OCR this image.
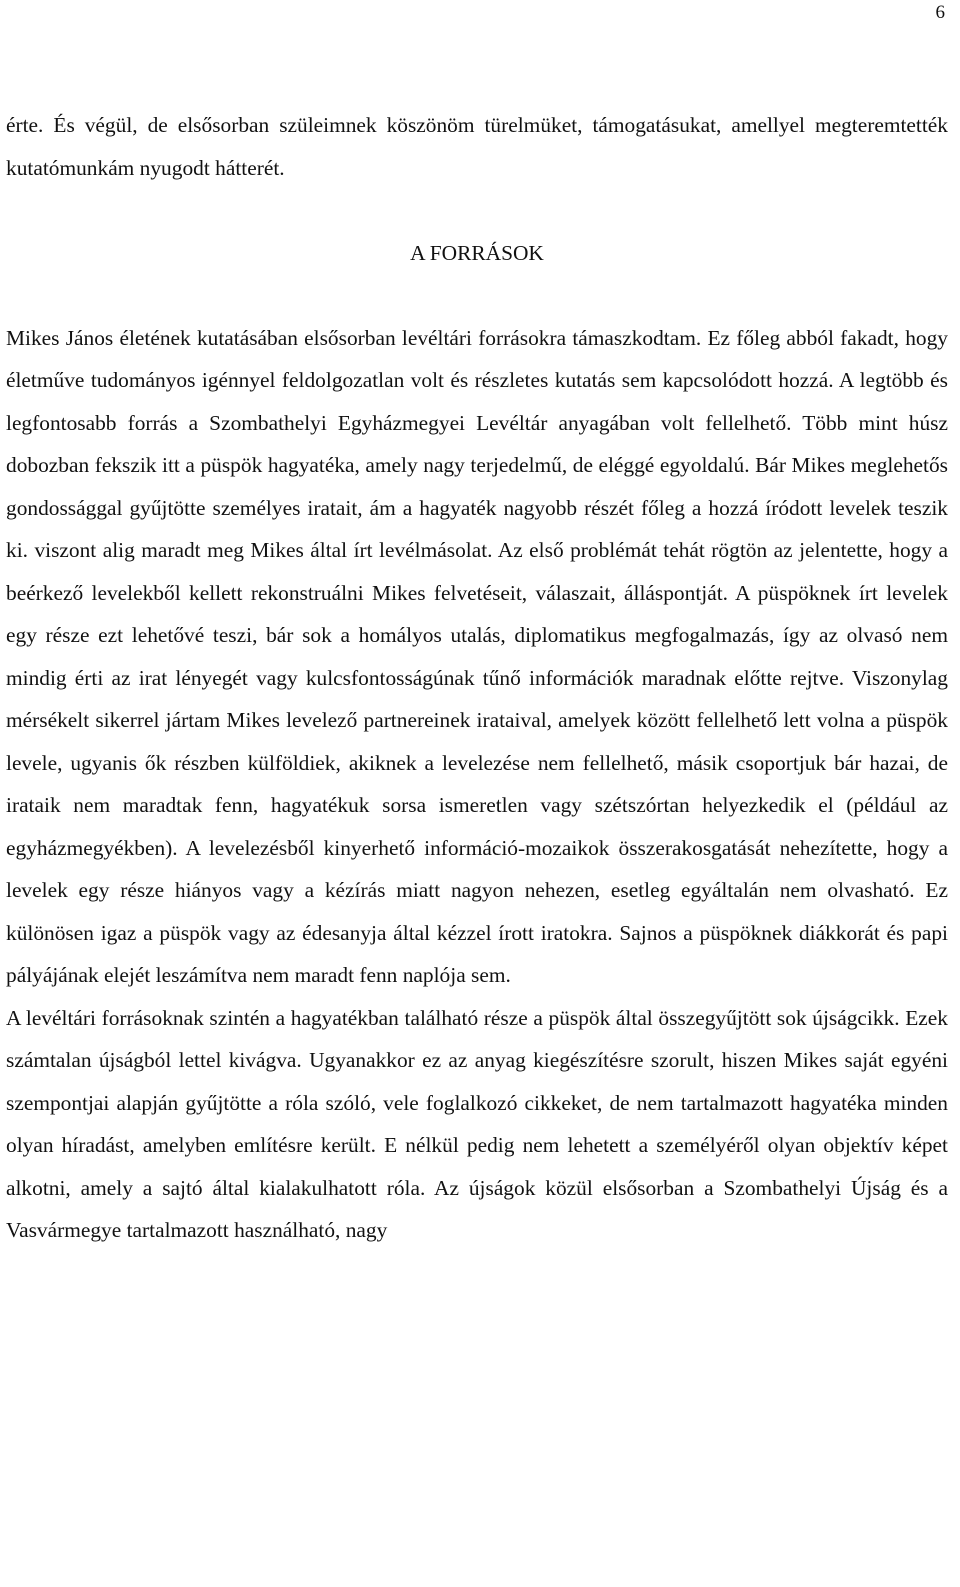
6

érte. És végül, de elsősorban szüleimnek köszönöm türelmüket, támogatásukat, amellyel megteremtették kutatómunkám nyugodt hátterét.

A FORRÁSOK

Mikes János életének kutatásában elsősorban levéltári forrásokra támaszkodtam. Ez főleg abból fakadt, hogy életműve tudományos igénnyel feldolgozatlan volt és részletes kutatás sem kapcsolódott hozzá. A legtöbb és legfontosabb forrás a Szombathelyi Egyházmegyei Levéltár anyagában volt fellelhető. Több mint húsz dobozban fekszik itt a püspök hagyatéka, amely nagy terjedelmű, de eléggé egyoldalú. Bár Mikes meglehetős gondossággal gyűjtötte személyes iratait, ám a hagyaték nagyobb részét főleg a hozzá íródott levelek teszik ki. viszont alig maradt meg Mikes által írt levélmásolat. Az első problémát tehát rögtön az jelentette, hogy a beérkező levelekből kellett rekonstruálni Mikes felvetéseit, válaszait, álláspontját. A püspöknek írt levelek egy része ezt lehetővé teszi, bár sok a homályos utalás, diplomatikus megfogalmazás, így az olvasó nem mindig érti az irat lényegét vagy kulcsfontosságúnak tűnő információk maradnak előtte rejtve. Viszonylag mérsékelt sikerrel jártam Mikes levelező partnereinek irataival, amelyek között fellelhető lett volna a püspök levele, ugyanis ők részben külföldiek, akiknek a levelezése nem fellelhető, másik csoportjuk bár hazai, de irataik nem maradtak fenn, hagyatékuk sorsa ismeretlen vagy szétszórtan helyezkedik el (például az egyházmegyékben). A levelezésből kinyerhető információ-mozaikok összerakosgatását nehezítette, hogy a levelek egy része hiányos vagy a kézírás miatt nagyon nehezen, esetleg egyáltalán nem olvasható. Ez különösen igaz a püspök vagy az édesanyja által kézzel írott iratokra. Sajnos a püspöknek diákkorát és papi pályájának elejét leszámítva nem maradt fenn naplója sem.

A levéltári forrásoknak szintén a hagyatékban található része a püspök által összegyűjtött sok újságcikk. Ezek számtalan újságból lettel kivágva. Ugyanakkor ez az anyag kiegészítésre szorult, hiszen Mikes saját egyéni szempontjai alapján gyűjtötte a róla szóló, vele foglalkozó cikkeket, de nem tartalmazott hagyatéka minden olyan híradást, amelyben említésre került. E nélkül pedig nem lehetett a személyéről olyan objektív képet alkotni, amely a sajtó által kialakulhatott róla. Az újságok közül elsősorban a Szombathelyi Újság és a Vasvármegye tartalmazott használható, nagy
